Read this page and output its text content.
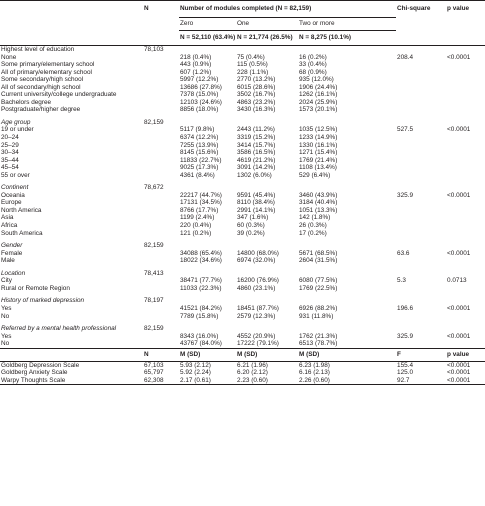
	N	Number of modules completed (N = 82,159)			Chi-square	p value
		Zero	One	Two or more		
		N = 52,110 (63.4%)	N = 21,774 (26.5%)	N = 8,275 (10.1%)		
Highest level of education	78,103					
None		218 (0.4%)	75 (0.4%)	16 (0.2%)	208.4	<0.0001
Some primary/elementary school		443 (0.9%)	115 (0.5%)	33 (0.4%)		
All of primary/elementary school		607 (1.2%)	228 (1.1%)	68 (0.9%)		
Some secondary/high school		5997 (12.2%)	2770 (13.2%)	935 (12.0%)		
All of secondary/high school		13686 (27.8%)	6015 (28.6%)	1906 (24.4%)		
Current university/college undergraduate		7378 (15.0%)	3502 (16.7%)	1262 (16.1%)		
Bachelors degree		12103 (24.6%)	4863 (23.2%)	2024 (25.9%)		
Postgraduate/higher degree		8856 (18.0%)	3430 (16.3%)	1573 (20.1%)		

Age group	82,159					
19 or under		5117 (9.8%)	2443 (11.2%)	1035 (12.5%)	527.5	<0.0001
20–24		6374 (12.2%)	3319 (15.2%)	1233 (14.9%)		
25–29		7255 (13.9%)	3414 (15.7%)	1330 (16.1%)		
30–34		8145 (15.6%)	3586 (16.5%)	1271 (15.4%)		
35–44		11833 (22.7%)	4619 (21.2%)	1769 (21.4%)		
45–54		9025 (17.3%)	3091 (14.2%)	1108 (13.4%)		
55 or over		4361 (8.4%)	1302 (6.0%)	529 (6.4%)		

Continent	78,672					
Oceania		22217 (44.7%)	9591 (45.4%)	3460 (43.9%)	325.9	<0.0001
Europe		17131 (34.5%)	8110 (38.4%)	3184 (40.4%)		
North America		8766 (17.7%)	2991 (14.1%)	1051 (13.3%)		
Asia		1199 (2.4%)	347 (1.6%)	142 (1.8%)		
Africa		220 (0.4%)	60 (0.3%)	26 (0.3%)		
South America		121 (0.2%)	39 (0.2%)	17 (0.2%)		

Gender	82,159					
Female		34088 (65.4%)	14800 (68.0%)	5671 (68.5%)	63.6	<0.0001
Male		18022 (34.6%)	6974 (32.0%)	2604 (31.5%)		

Location	78,413					
City		38471 (77.7%)	16200 (76.9%)	6080 (77.5%)	5.3	0.0713
Rural or Remote Region		11033 (22.3%)	4860 (23.1%)	1769 (22.5%)		

History of marked depression	78,197					
Yes		41521 (84.2%)	18451 (87.7%)	6926 (88.2%)	196.6	<0.0001
No		7789 (15.8%)	2579 (12.3%)	931 (11.8%)		

Referred by a mental health professional	82,159					
Yes		8343 (16.0%)	4552 (20.9%)	1762 (21.3%)	325.9	<0.0001
No		43767 (84.0%)	17222 (79.1%)	6513 (78.7%)		
	N	M (SD)	M (SD)	M (SD)	F	p value
Goldberg Depression Scale	67,103	5.93 (2.12)	6.21 (1.96)	6.23 (1.98)	155.4	<0.0001
Goldberg Anxiety Scale	65,797	5.92 (2.24)	6.20 (2.12)	6.16 (2.13)	125.0	<0.0001
Warpy Thoughts Scale	62,308	2.17 (0.61)	2.23 (0.60)	2.26 (0.60)	92.7	<0.0001
